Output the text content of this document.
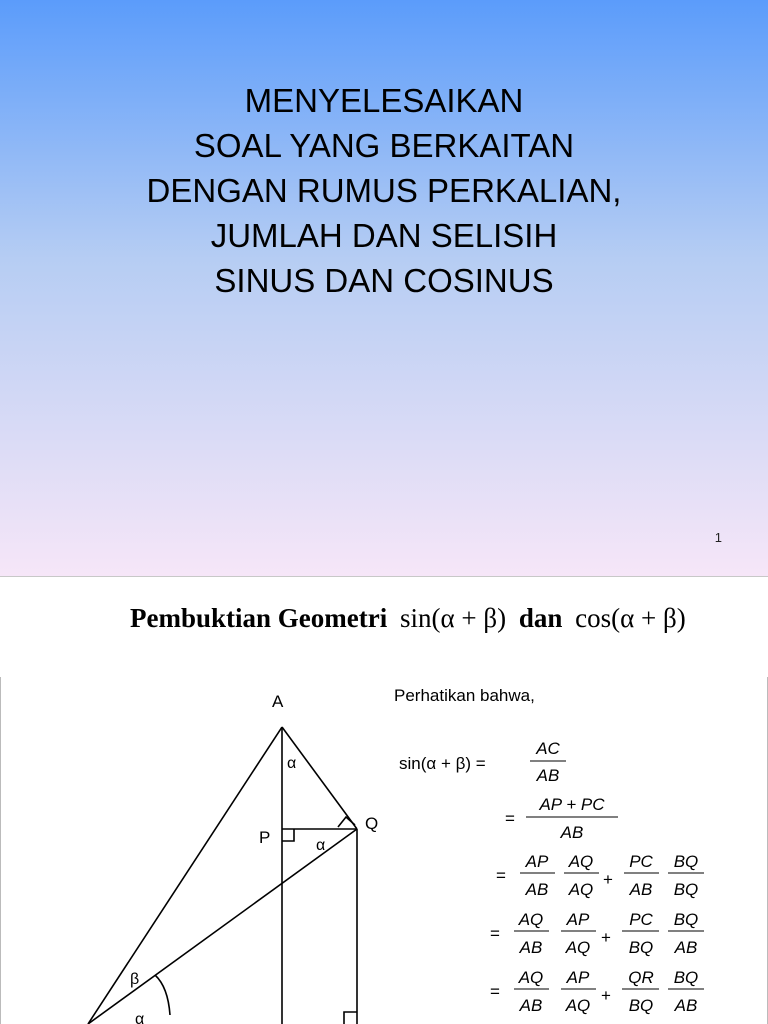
MENYELESAIKAN
SOAL YANG BERKAITAN
DENGAN RUMUS PERKALIAN,
JUMLAH DAN SELISIH
SINUS DAN COSINUS
1
Pembuktian Geometri sin(α + β) dan cos(α + β)
A
P
Q
α
α
β
α
Perhatikan bahwa,
sin(α + β) =
AC
AB
=
AP + PC
AB
=
AP
AB
AQ
AQ
+
PC
AB
BQ
BQ
=
AQ
AB
AP
AQ
+
PC
BQ
BQ
AB
=
AQ
AB
AP
AQ
+
QR
BQ
BQ
AB
